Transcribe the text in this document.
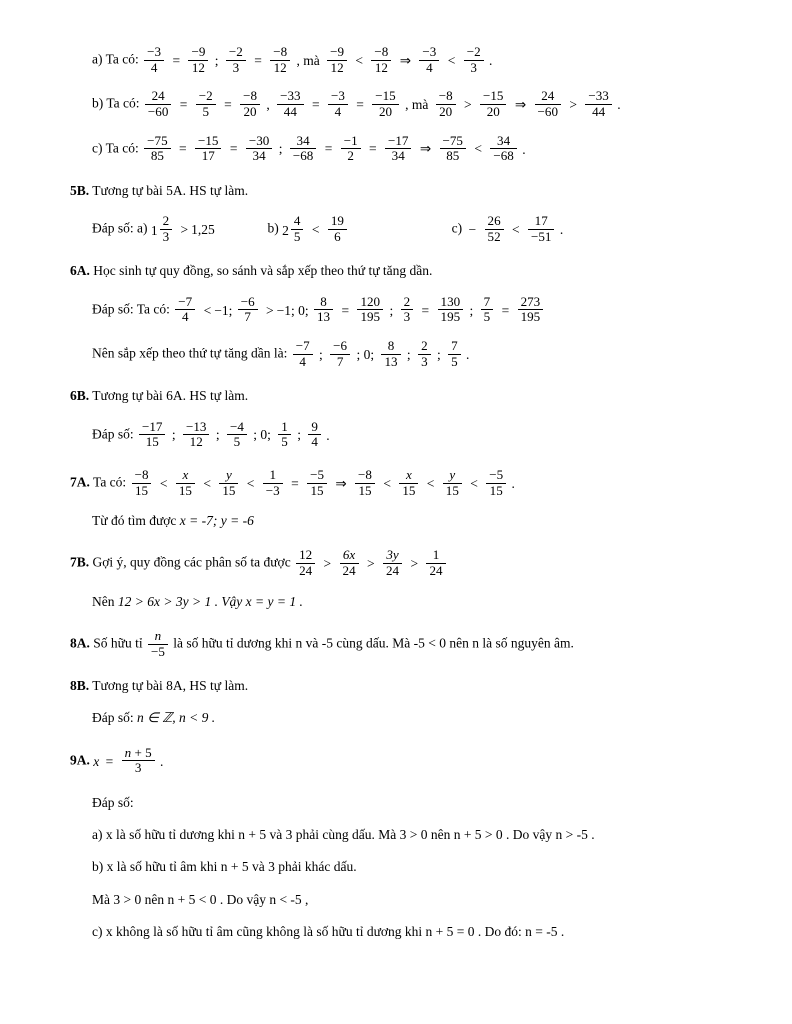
a) Ta có: $\frac{-3}{4} = \frac{-9}{12}$ ; $\frac{-2}{3} = \frac{-8}{12}$ , mà $\frac{-9}{12} < \frac{-8}{12}$ ⇒ $\frac{-3}{4} < \frac{-2}{3}$ .
b) Ta có: $\frac{24}{-60} = \frac{-2}{5} = \frac{-8}{20}$ , $\frac{-33}{44} = \frac{-3}{4} = \frac{-15}{20}$ , mà $\frac{-8}{20} > \frac{-15}{20}$ ⇒ $\frac{24}{-60} > \frac{-33}{44}$ .
c) Ta có: $\frac{-75}{85} = \frac{-15}{17} = \frac{-30}{34}$ ; $\frac{34}{-68} = \frac{-1}{2} = \frac{-17}{34}$ ⇒ $\frac{-75}{85} < \frac{34}{-68}$ .
5B. Tương tự bài 5A. HS tự làm.
Đáp số: a) $1 \frac{2}{3} > 1,25$	b) $2 \frac{4}{5} < \frac{19}{6}$	$c) - \frac{26}{52} < \frac{17}{-51}$ .
6A. Học sinh tự quy đồng, so sánh và sắp xếp theo thứ tự tăng dần.
Đáp số: Ta có: $\frac{-7}{4} < -1$; $\frac{-6}{7} > -1$; 0; $\frac{8}{13} = \frac{120}{195}$ ; $\frac{2}{3} = \frac{130}{195}$ ; $\frac{7}{5} = \frac{273}{195}$
Nên sắp xếp theo thứ tự tăng dần là: $\frac{-7}{4}$ ; $\frac{-6}{7}$ ; 0; $\frac{8}{13}$ ; $\frac{2}{3}$ ; $\frac{7}{5}$ .
6B. Tương tự bài 6A. HS tự làm.
Đáp số: $\frac{-17}{15}$ ; $\frac{-13}{12}$ ; $\frac{-4}{5}$ ; 0; $\frac{1}{5}$ ; $\frac{9}{4}$ .
7A. Ta có: $\frac{-8}{15} < \frac{x}{15} < \frac{y}{15} < \frac{1}{-3} = \frac{-5}{15}$ ⇒ $\frac{-8}{15} < \frac{x}{15} < \frac{y}{15} < \frac{-5}{15}$ .
Từ đó tìm được x = -7; y = -6
7B. Gợi ý, quy đồng các phân số ta được $\frac{12}{24} > \frac{6x}{24} > \frac{3y}{24} > \frac{1}{24}$
Nên 12 > 6x > 3y > 1 . Vậy x = y = 1 .
8A. Số hữu tỉ $\frac{n}{-5}$ là số hữu tỉ dương khi n và -5 cùng dấu. Mà -5 < 0 nên n là số nguyên âm.
8B. Tương tự bài 8A, HS tự làm.
Đáp số: n ∈ ℤ, n < 9 .
9A. $x = \frac{n + 5}{3}$ .
Đáp số:
a) x là số hữu tỉ dương khi n + 5 và 3 phải cùng dấu. Mà 3 > 0 nên n + 5 > 0 . Do vậy n > -5 .
b) x là số hữu tỉ âm khi n + 5 và 3 phải khác dấu.
Mà 3 > 0 nên n + 5 < 0 . Do vậy n < -5 ,
c) x không là số hữu tỉ âm cũng không là số hữu tỉ dương khi n + 5 = 0 . Do đó: n = -5 .
